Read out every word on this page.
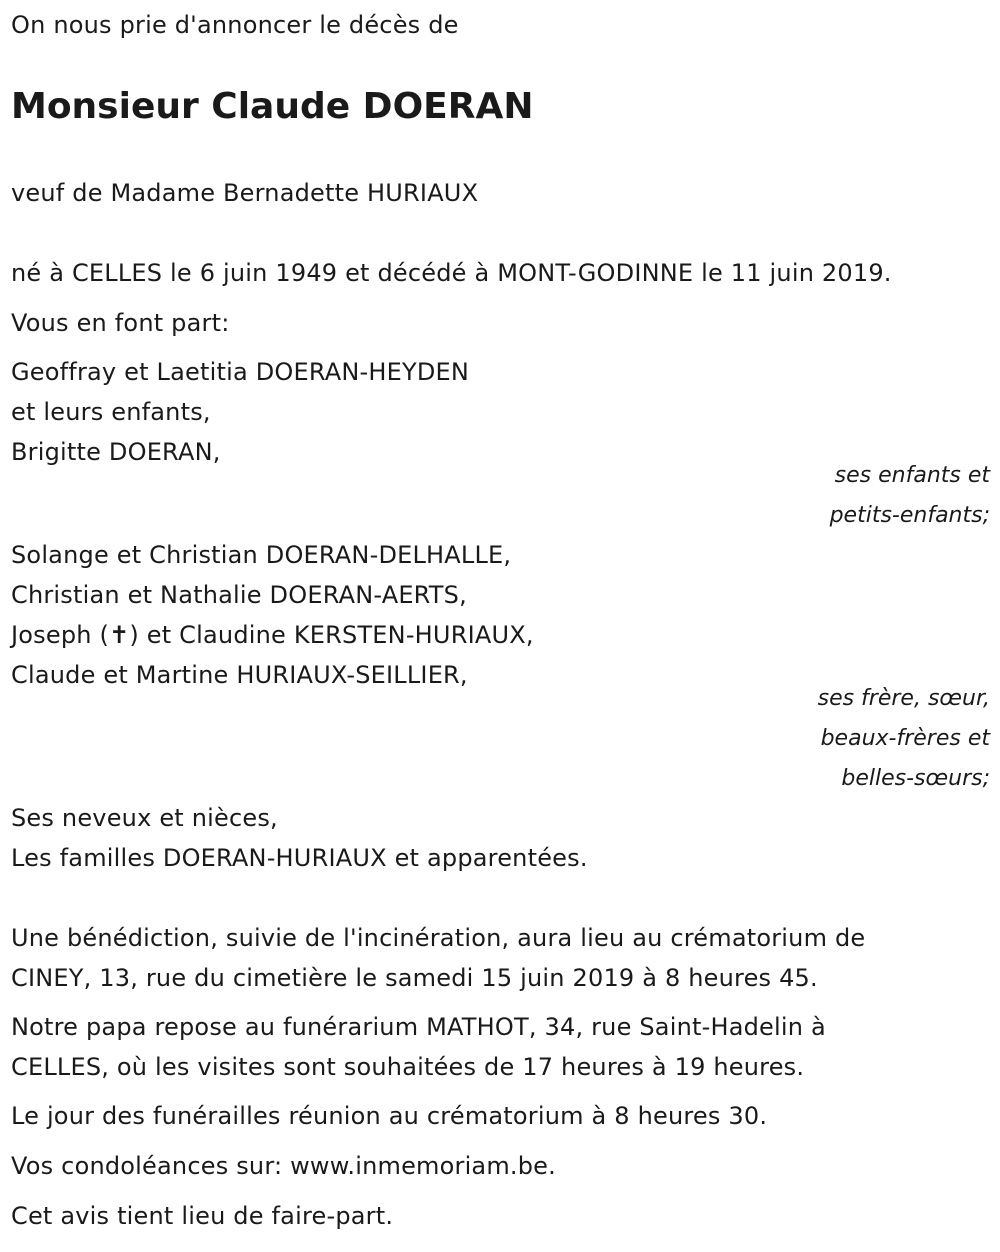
On nous prie d'annoncer le décès de
Monsieur Claude DOERAN
veuf de Madame Bernadette HURIAUX
né à CELLES le 6 juin 1949 et décédé à MONT-GODINNE le 11 juin 2019.
Vous en font part:
Geoffray et Laetitia DOERAN-HEYDEN
et leurs enfants,
Brigitte DOERAN,
ses enfants et
petits-enfants;
Solange et Christian DOERAN-DELHALLE,
Christian et Nathalie DOERAN-AERTS,
Joseph (✝) et Claudine KERSTEN-HURIAUX,
Claude et Martine HURIAUX-SEILLIER,
ses frère, sœur,
beaux-frères et
belles-sœurs;
Ses neveux et nièces,
Les familles DOERAN-HURIAUX et apparentées.
Une bénédiction, suivie de l'incinération, aura lieu au crématorium de
CINEY, 13, rue du cimetière le samedi 15 juin 2019 à 8 heures 45.
Notre papa repose au funérarium MATHOT, 34, rue Saint-Hadelin à
CELLES, où les visites sont souhaitées de 17 heures à 19 heures.
Le jour des funérailles réunion au crématorium à 8 heures 30.
Vos condoléances sur: www.inmemoriam.be.
Cet avis tient lieu de faire-part.
